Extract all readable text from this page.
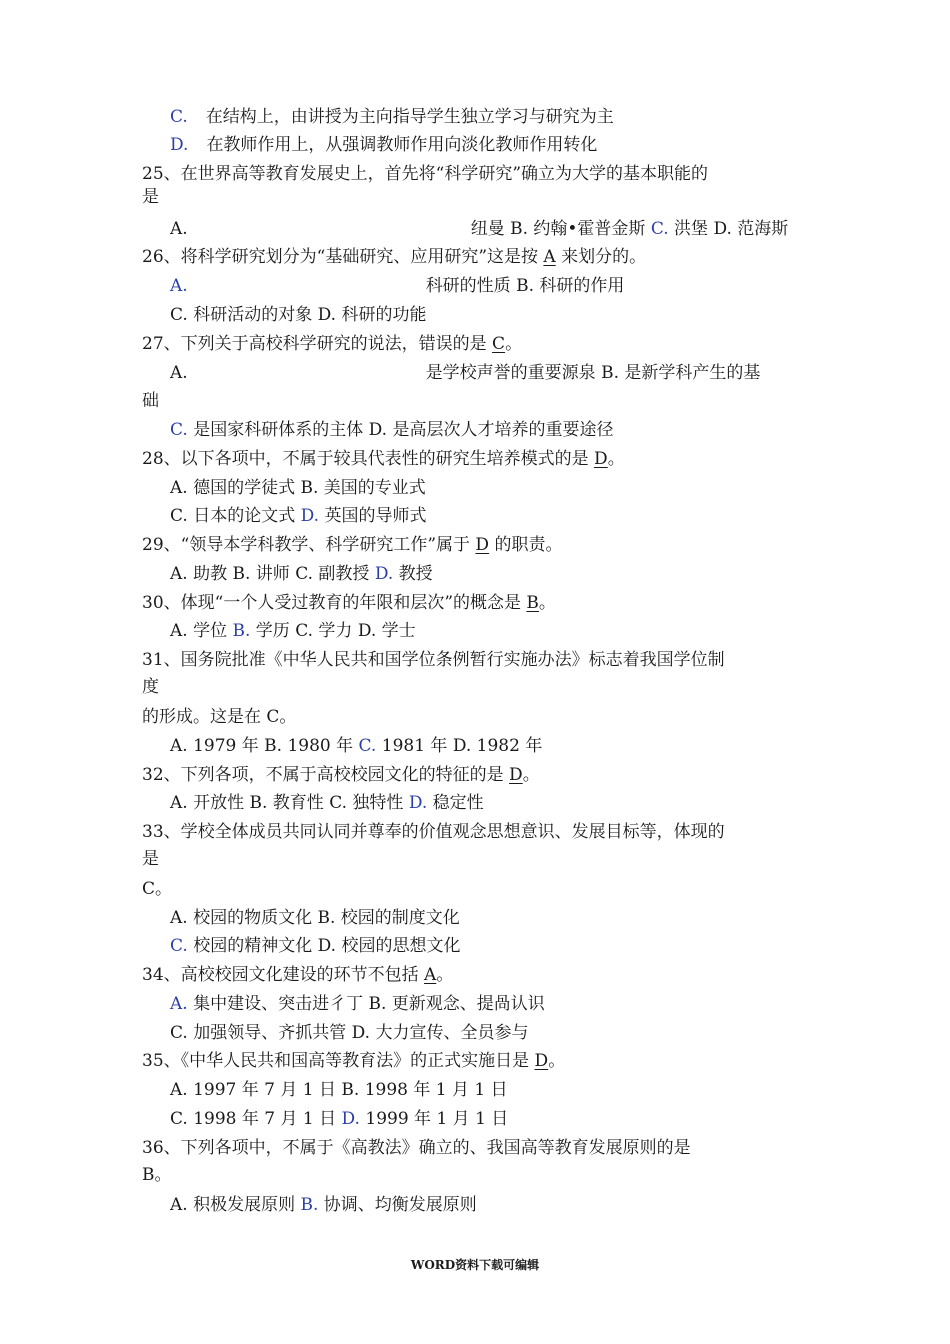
C. 在结构上，由讲授为主向指导学生独立学习与研究为主
D. 在教师作用上，从强调教师作用向淡化教师作用转化
25、在世界高等教育发展史上，首先将“科学研究”确立为大学的基本职能的
是
A.	纽曼 B. 约翰•霍普金斯 C. 洪堡 D. 范海斯
26、将科学研究划分为“基础研究、应用研究”这是按 A 来划分的。
A.	科研的性质 B. 科研的作用
C. 科研活动的对象 D. 科研的功能
27、下列关于高校科学研究的说法，错误的是 C。
A.	是学校声誉的重要源泉 B. 是新学科产生的基
础
C. 是国家科研体系的主体 D. 是高层次人才培养的重要途径
28、以下各项中，不属于较具代表性的研究生培养模式的是 D。
A. 德国的学徒式 B. 美国的专业式
C. 日本的论文式 D. 英国的导师式
29、“领导本学科教学、科学研究工作”属于 D 的职责。
A. 助教 B. 讲师 C. 副教授 D. 教授
30、体现“一个人受过教育的年限和层次”的概念是 B。
A. 学位 B. 学历 C. 学力 D. 学士
31、国务院批准《中华人民共和国学位条例暂行实施办法》标志着我国学位制
度
的形成。这是在 C。
A. 1979 年 B. 1980 年 C. 1981 年 D. 1982 年
32、下列各项，不属于高校校园文化的特征的是 D。
A. 开放性 B. 教育性 C. 独特性 D. 稳定性
33、学校全体成员共同认同并尊奉的价值观念思想意识、发展目标等，体现的
是
C。
A. 校园的物质文化 B. 校园的制度文化
C. 校园的精神文化 D. 校园的思想文化
34、高校校园文化建设的环节不包括 A。
A. 集中建设、突击进彳丁 B. 更新观念、提咼认识
C. 加强领导、齐抓共管 D. 大力宣传、全员参与
35、《中华人民共和国高等教育法》的正式实施日是 D。
A. 1997 年 7 月 1 日 B. 1998 年 1 月 1 日
C. 1998 年 7 月 1 日 D. 1999 年 1 月 1 日
36、下列各项中，不属于《高教法》确立的、我国高等教育发展原则的是
B。
A. 积极发展原则 B. 协调、均衡发展原则
WORD资料下载可编辑
